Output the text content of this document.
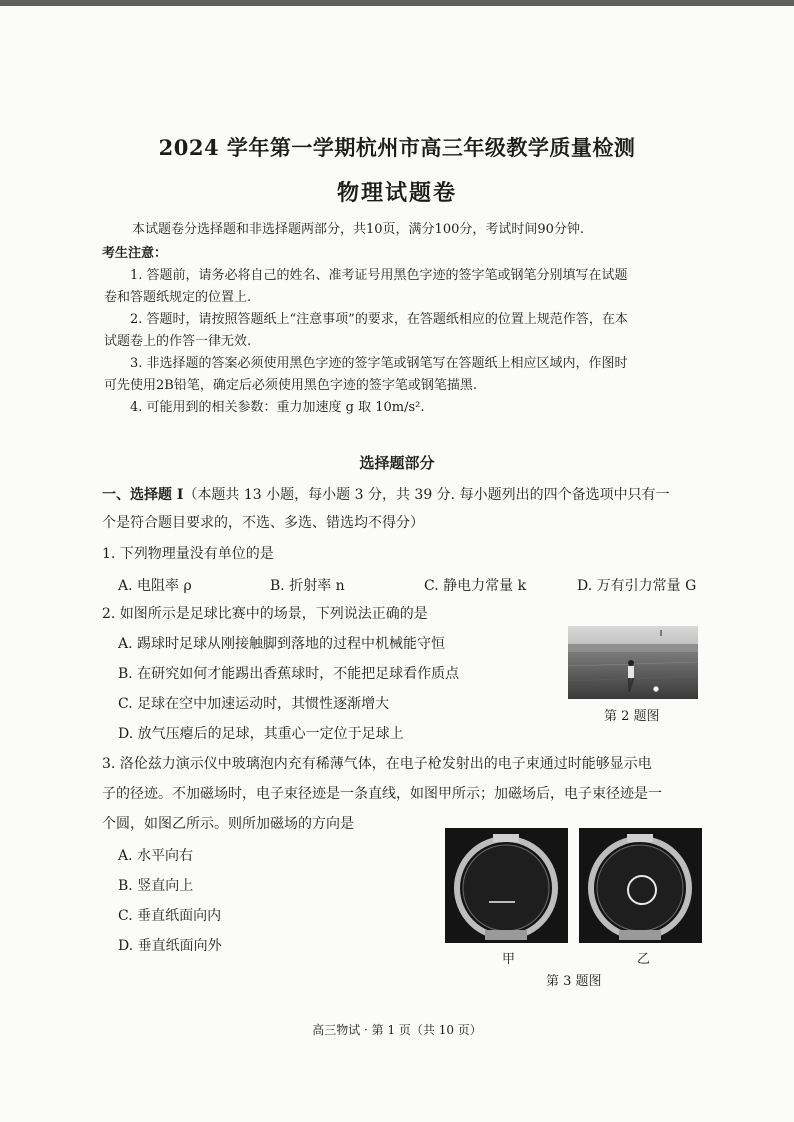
2024 学年第一学期杭州市高三年级教学质量检测
物理试题卷
本试题卷分选择题和非选择题两部分，共10页，满分100分，考试时间90分钟.
考生注意：
1. 答题前，请务必将自己的姓名、准考证号用黑色字迹的签字笔或钢笔分别填写在试题
卷和答题纸规定的位置上.
2. 答题时，请按照答题纸上“注意事项”的要求，在答题纸相应的位置上规范作答，在本
试题卷上的作答一律无效.
3. 非选择题的答案必须使用黑色字迹的签字笔或钢笔写在答题纸上相应区域内，作图时
可先使用2B铅笔，确定后必须使用黑色字迹的签字笔或钢笔描黑.
4. 可能用到的相关参数：重力加速度 g 取 10m/s².
选择题部分
一、选择题 I（本题共 13 小题，每小题 3 分，共 39 分. 每小题列出的四个备选项中只有一
个是符合题目要求的，不选、多选、错选均不得分）
1. 下列物理量没有单位的是
A. 电阻率 ρ	B. 折射率 n	C. 静电力常量 k	D. 万有引力常量 G
2. 如图所示是足球比赛中的场景，下列说法正确的是
A. 踢球时足球从刚接触脚到落地的过程中机械能守恒
B. 在研究如何才能踢出香蕉球时，不能把足球看作质点
C. 足球在空中加速运动时，其惯性逐渐增大
D. 放气压瘪后的足球，其重心一定位于足球上
第 2 题图
3. 洛伦兹力演示仪中玻璃泡内充有稀薄气体，在电子枪发射出的电子束通过时能够显示电
子的径迹。不加磁场时，电子束径迹是一条直线，如图甲所示；加磁场后，电子束径迹是一
个圆，如图乙所示。则所加磁场的方向是
A. 水平向右
B. 竖直向上
C. 垂直纸面向内
D. 垂直纸面向外
甲	乙
第 3 题图
高三物试 · 第 1 页（共 10 页）
